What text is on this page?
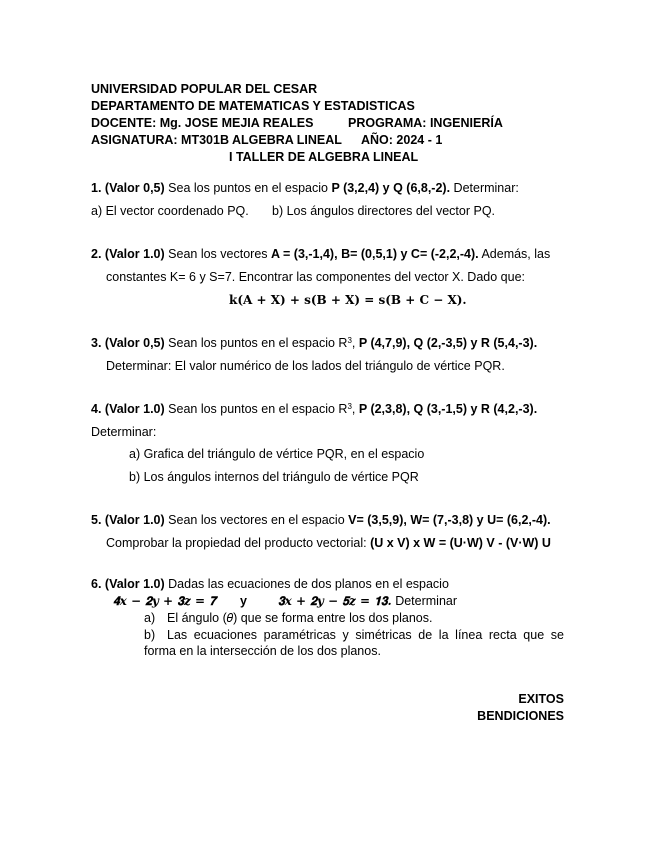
UNIVERSIDAD POPULAR DEL CESAR
DEPARTAMENTO DE MATEMATICAS Y ESTADISTICAS
DOCENTE: Mg. JOSE MEJIA REALES	PROGRAMA: INGENIERÍA
ASIGNATURA: MT301B ALGEBRA LINEAL AÑO: 2024 - 1
I TALLER DE ALGEBRA LINEAL
1. (Valor 0,5) Sea los puntos en el espacio P (3,2,4) y Q (6,8,-2). Determinar:
a) El vector coordenado PQ. b) Los ángulos directores del vector PQ.
2. (Valor 1.0) Sean los vectores A = (3,-1,4), B= (0,5,1) y C= (-2,2,-4). Además, las
constantes K= 6 y S=7. Encontrar las componentes del vector X. Dado que:
𝐤(𝐀 + 𝐗) + 𝐬(𝐁 + 𝐗) = 𝐬(𝐁 + 𝐂 − 𝐗).
3. (Valor 0,5) Sean los puntos en el espacio $R^3$, P (4,7,9), Q (2,-3,5) y R (5,4,-3).
Determinar: El valor numérico de los lados del triángulo de vértice PQR.
4. (Valor 1.0) Sean los puntos en el espacio $R^3$, P (2,3,8), Q (3,-1,5) y R (4,2,-3).
Determinar:
a) Grafica del triángulo de vértice PQR, en el espacio
b) Los ángulos internos del triángulo de vértice PQR
5. (Valor 1.0) Sean los vectores en el espacio V= (3,5,9), W= (7,-3,8) y U= (6,2,-4).
Comprobar la propiedad del producto vectorial: (U x V) x W = (U·W) V - (V·W) U
6. (Valor 1.0) Dadas las ecuaciones de dos planos en el espacio
𝟒𝒙 − 𝟐𝒚 + 𝟑𝒛 = 𝟕 y	𝟑𝒙 + 𝟐𝒚 − 𝟓𝒛 = 𝟏𝟑. Determinar
a) El ángulo (𝜃) que se forma entre los dos planos.
b) Las ecuaciones paramétricas y simétricas de la línea recta que se forma en la intersección de los dos planos.
EXITOS
BENDICIONES
